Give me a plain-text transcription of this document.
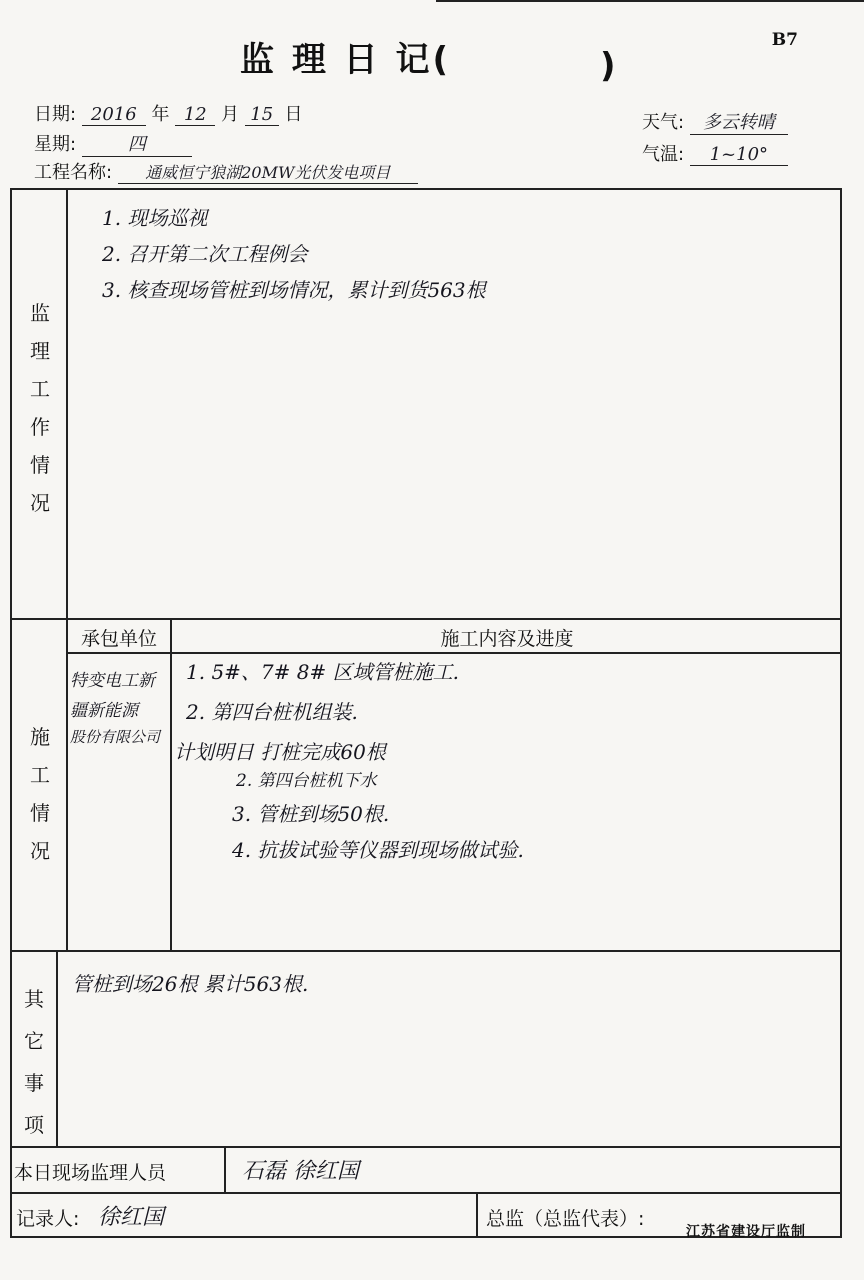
B7
监 理 日 记(	)
日期: 2016 年 12 月 15 日
星期:	四
工程名称: 通威恒宁狼湖20MW光伏发电项目
天气: 多云转晴
气温: 1~10°
监
理
工
作
情
况
1. 现场巡视
2. 召开第二次工程例会
3. 核查现场管桩到场情况，累计到货563根
承包单位	施工内容及进度
施
工
情
况
特变电工新
疆新能源
股份有限公司
1. 5#、7# 8# 区域管桩施工.
2. 第四台桩机组装.
计划明日 打桩完成60根
2. 第四台桩机下水
3. 管桩到场50根.
4. 抗拔试验等仪器到现场做试验.
其
它
事
项
管桩到场26根 累计563根.
本日现场监理人员	石磊 徐红国
记录人: 徐红国	总监（总监代表）:
江苏省建设厅监制
